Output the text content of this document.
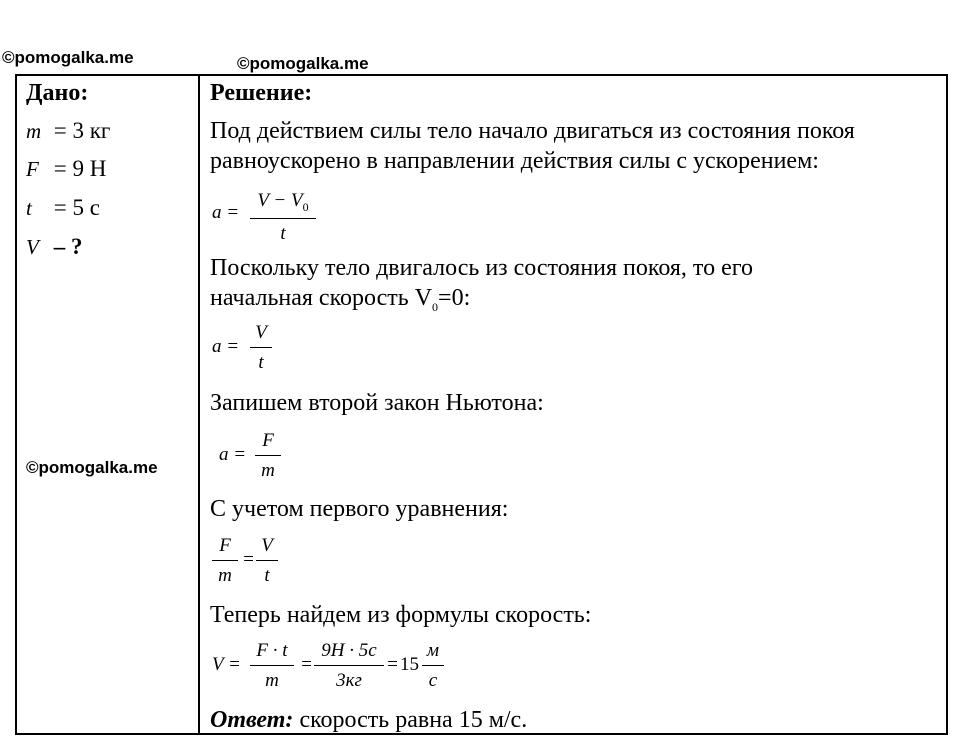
©pomogalka.me	©pomogalka.me
©pomogalka.me
Дано:
m = 3 кг
F = 9 Н
t = 5 с
V – ?
Решение:
Под действием силы тело начало двигаться из состояния покоя
равноускорено в направлении действия силы с ускорением:
$a = \frac{V - V_0}{t}$
Поскольку тело двигалось из состояния покоя, то его
начальная скорость $V_0=0$:
$a = \frac{V}{t}$
Запишем второй закон Ньютона:
$a = \frac{F}{m}$
С учетом первого уравнения:
$\frac{F}{m} = \frac{V}{t}$
Теперь найдем из формулы скорость:
$V = \frac{F \cdot t}{m}$ =
9H · 5c
3кг
= 15
м
c
Ответ: скорость равна 15 м/с.
